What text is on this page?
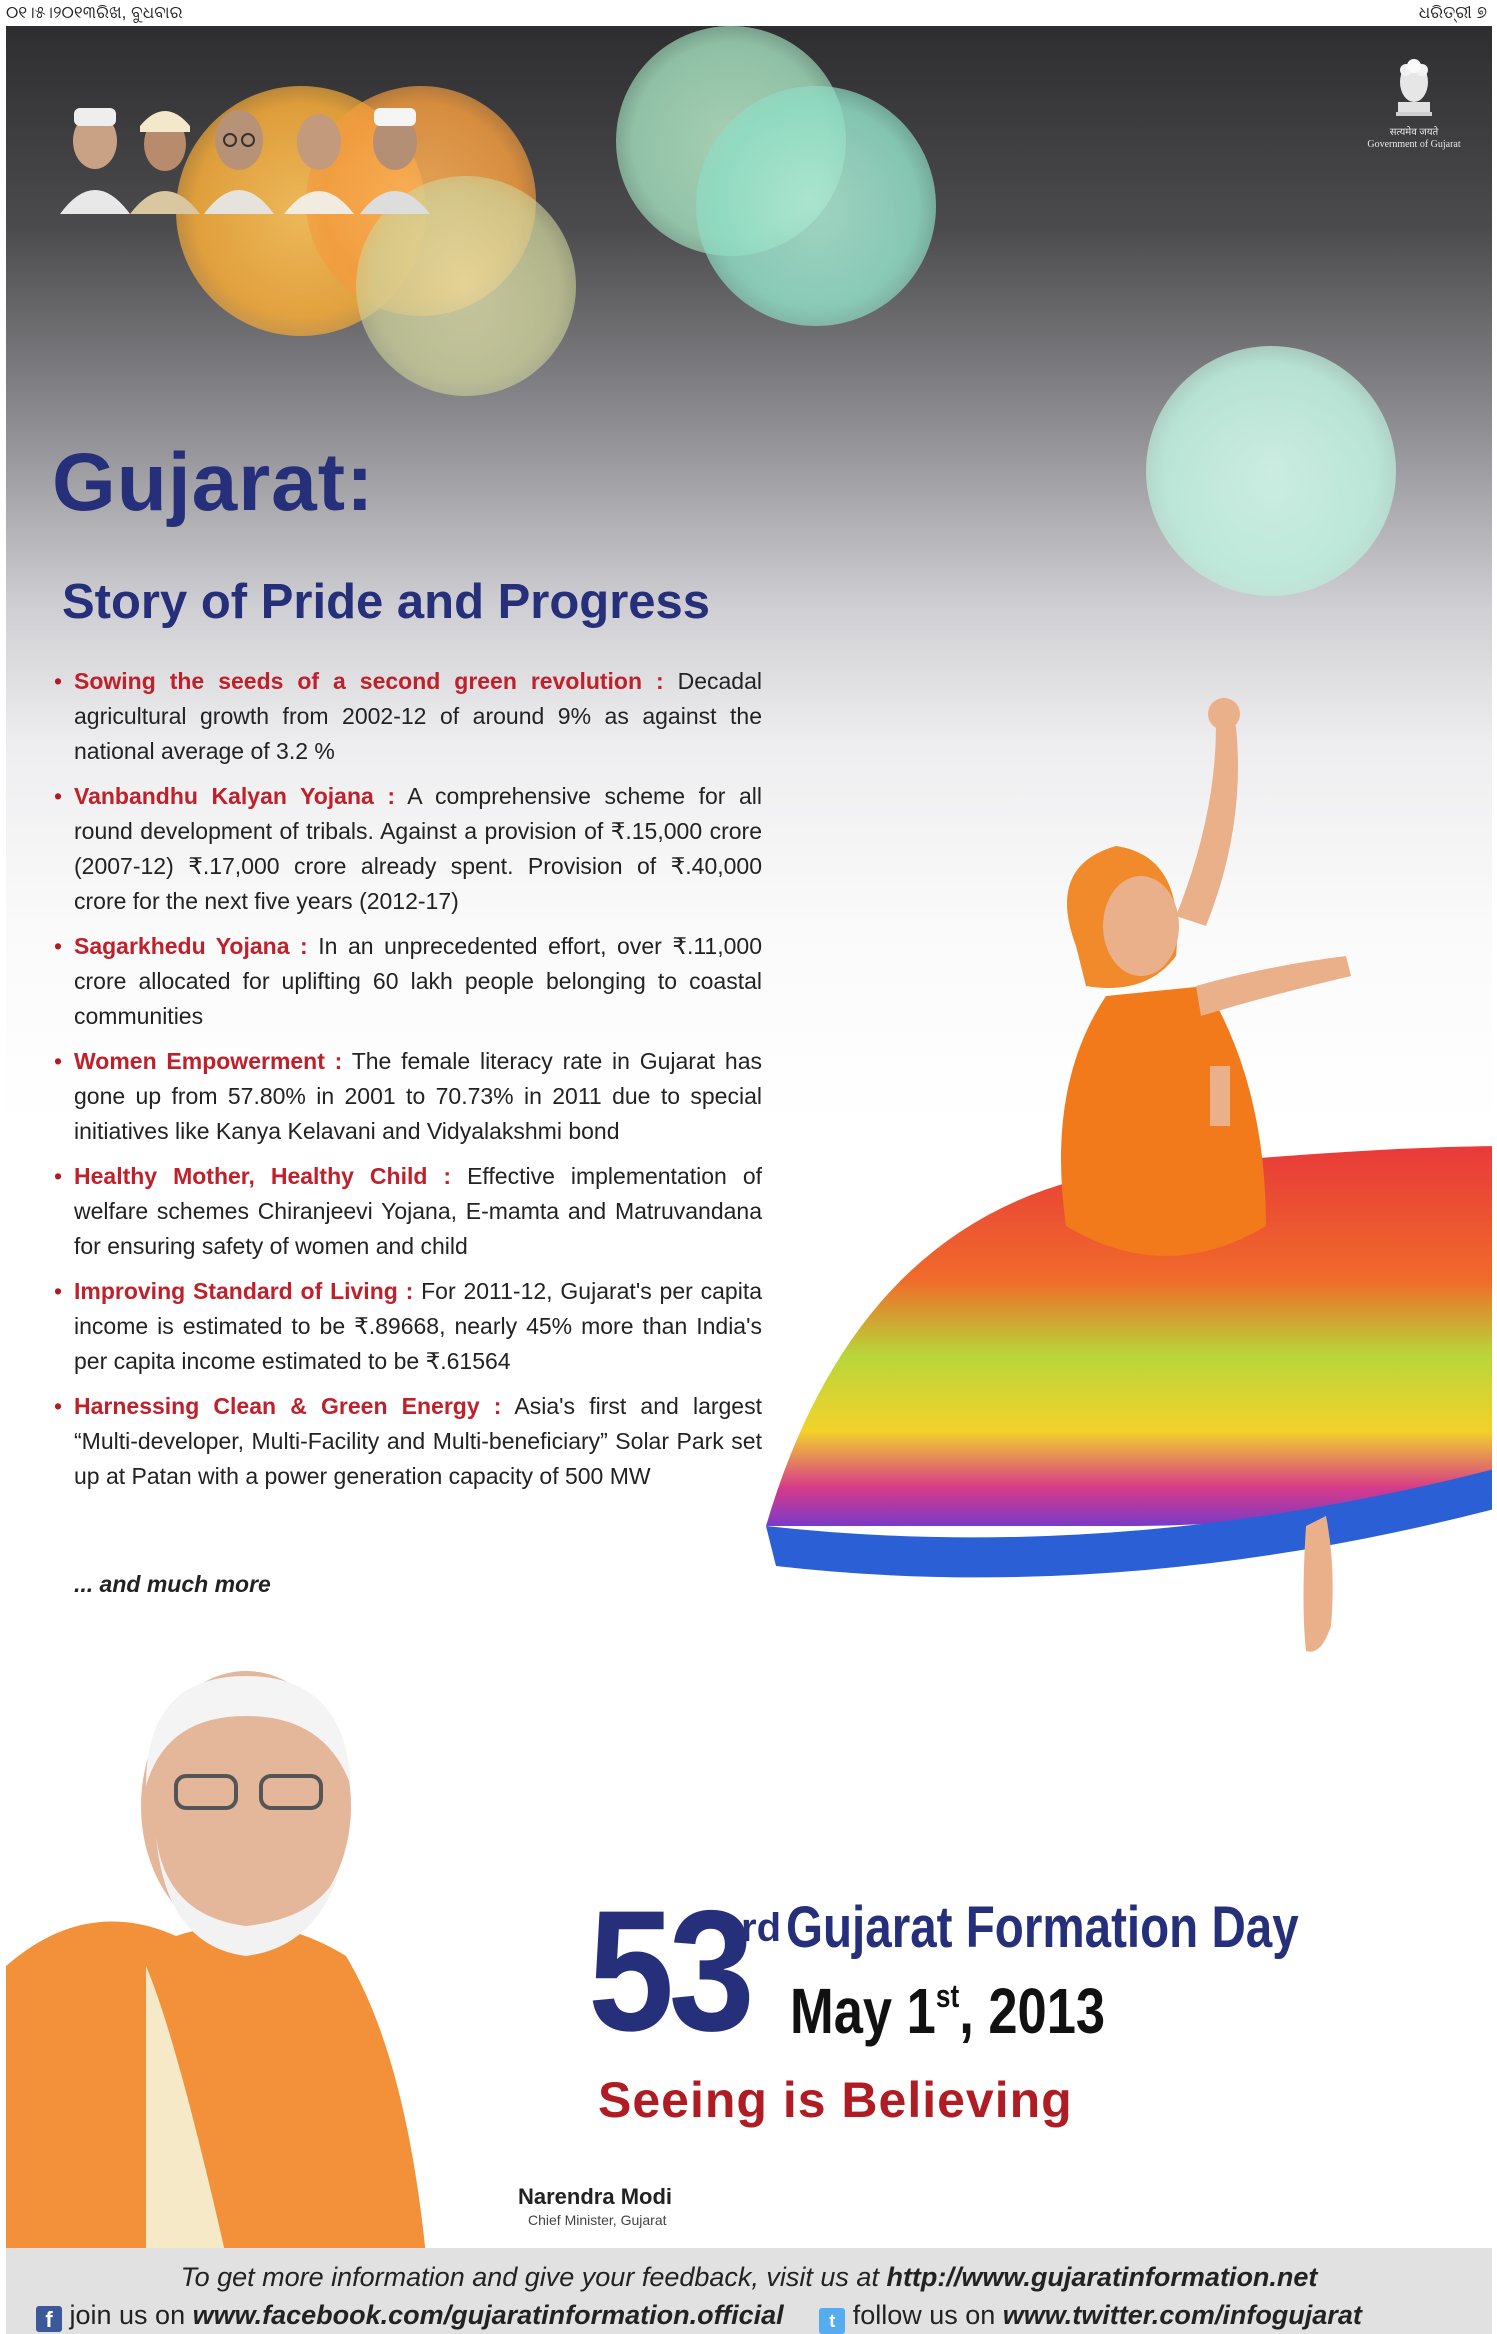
୦୧।୫।୨୦୧୩ରିଖ, ବୁଧବାର	ଧରିତ୍ରୀ ୭
सत्यमेव जयते
Government of Gujarat
Gujarat:
Story of Pride and Progress
• Sowing the seeds of a second green revolution : Decadal agricultural growth from 2002-12 of around 9% as against the national average of 3.2 %
• Vanbandhu Kalyan Yojana : A comprehensive scheme for all round development of tribals. Against a provision of ₹.15,000 crore (2007-12) ₹.17,000 crore already spent. Provision of ₹.40,000 crore for the next five years (2012-17)
• Sagarkhedu Yojana : In an unprecedented effort, over ₹.11,000 crore allocated for uplifting 60 lakh people belonging to coastal communities
• Women Empowerment : The female literacy rate in Gujarat has gone up from 57.80% in 2001 to 70.73% in 2011 due to special initiatives like Kanya Kelavani and Vidyalakshmi bond
• Healthy Mother, Healthy Child : Effective implementation of welfare schemes Chiranjeevi Yojana, E-mamta and Matruvandana for ensuring safety of women and child
• Improving Standard of Living : For 2011-12, Gujarat's per capita income is estimated to be ₹.89668, nearly 45% more than India's per capita income estimated to be ₹.61564
• Harnessing Clean & Green Energy : Asia's first and largest “Multi-developer, Multi-Facility and Multi-beneficiary” Solar Park set up at Patan with a power generation capacity of 500 MW
... and much more
53
rd Gujarat Formation Day
May 1st, 2013
Seeing is Believing
Narendra Modi
Chief Minister, Gujarat
To get more information and give your feedback, visit us at http://www.gujaratinformation.net
f join us on www.facebook.com/gujaratinformation.official	t follow us on www.twitter.com/infogujarat
